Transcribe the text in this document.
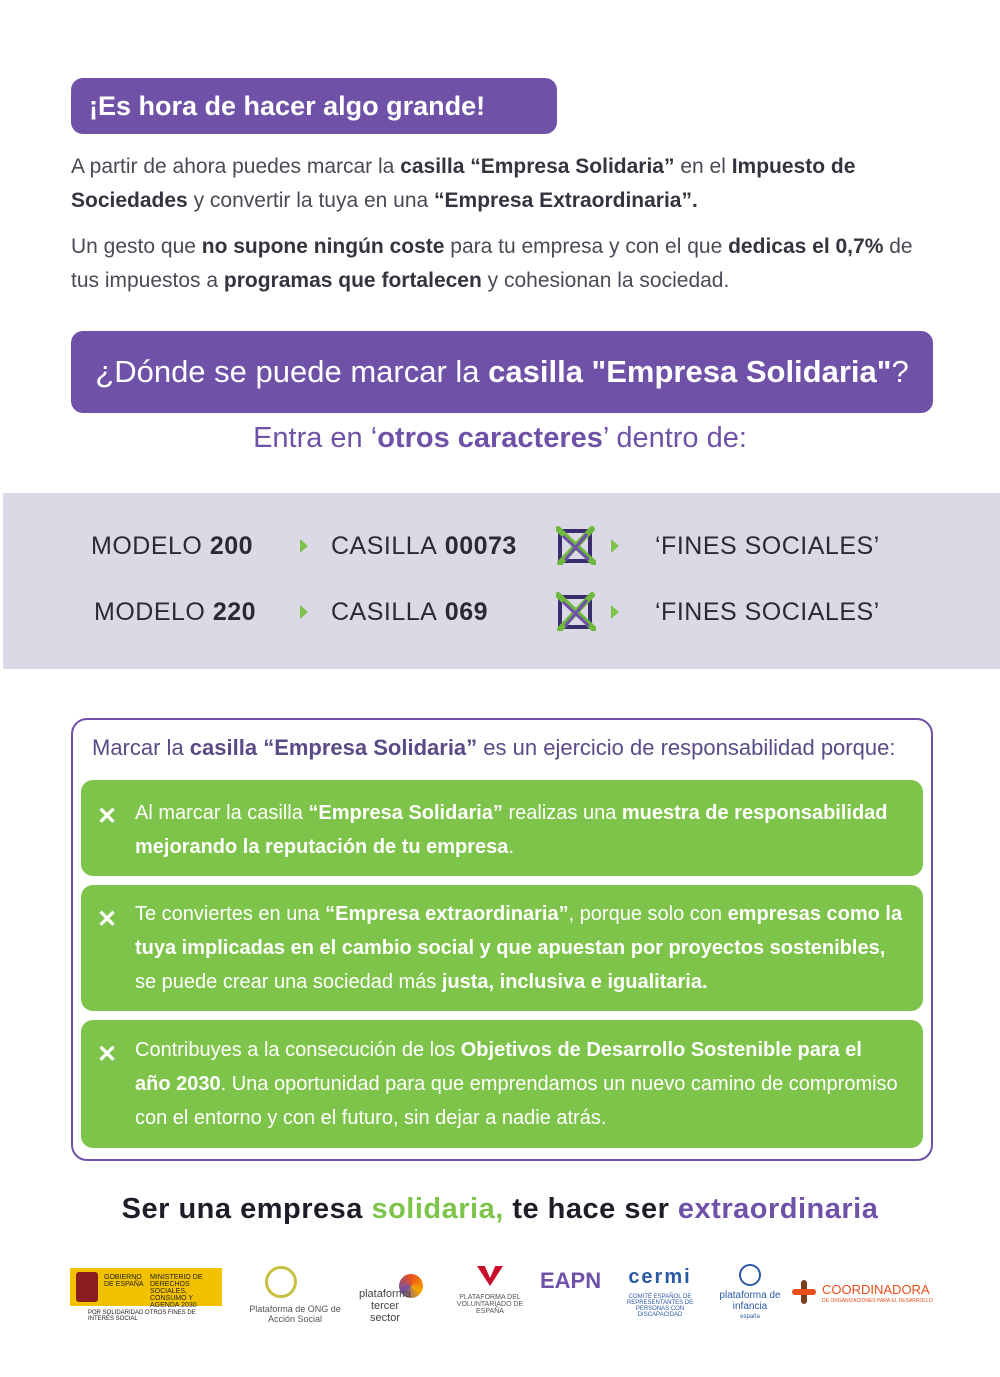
¡Es hora de hacer algo grande!
A partir de ahora puedes marcar la casilla “Empresa Solidaria” en el Impuesto de Sociedades y convertir la tuya en una “Empresa Extraordinaria”.
Un gesto que no supone ningún coste para tu empresa y con el que dedicas el 0,7% de tus impuestos a programas que fortalecen y cohesionan la sociedad.
¿Dónde se puede marcar la casilla "Empresa Solidaria"?
Entra en ‘otros caracteres’ dentro de:
MODELO 200	CASILLA 00073	‘FINES SOCIALES’
MODELO 220	CASILLA 069	‘FINES SOCIALES’
Marcar la casilla “Empresa Solidaria” es un ejercicio de responsabilidad porque:
✕ Al marcar la casilla “Empresa Solidaria” realizas una muestra de responsabilidad mejorando la reputación de tu empresa.
✕ Te conviertes en una “Empresa extraordinaria”, porque solo con empresas como la tuya implicadas en el cambio social y que apuestan por proyectos sostenibles, se puede crear una sociedad más justa, inclusiva e igualitaria.
✕ Contribuyes a la consecución de los Objetivos de Desarrollo Sostenible para el año 2030. Una oportunidad para que emprendamos un nuevo camino de compromiso con el entorno y con el futuro, sin dejar a nadie atrás.
Ser una empresa solidaria, te hace ser extraordinaria
GOBIERNO DE ESPAÑA
MINISTERIO DE DERECHOS SOCIALES, CONSUMO Y AGENDA 2030
POR SOLIDARIDAD OTROS FINES DE INTERÉS SOCIAL
Plataforma de ONG de Acción Social
plataforma tercer sector
PLATAFORMA DEL VOLUNTARIADO DE ESPAÑA
EAPN	cermi
COMITÉ ESPAÑOL DE REPRESENTANTES DE PERSONAS CON DISCAPACIDAD
plataforma de infancia
españa
COORDINADORA
DE ORGANIZACIONES PARA EL DESARROLLO
